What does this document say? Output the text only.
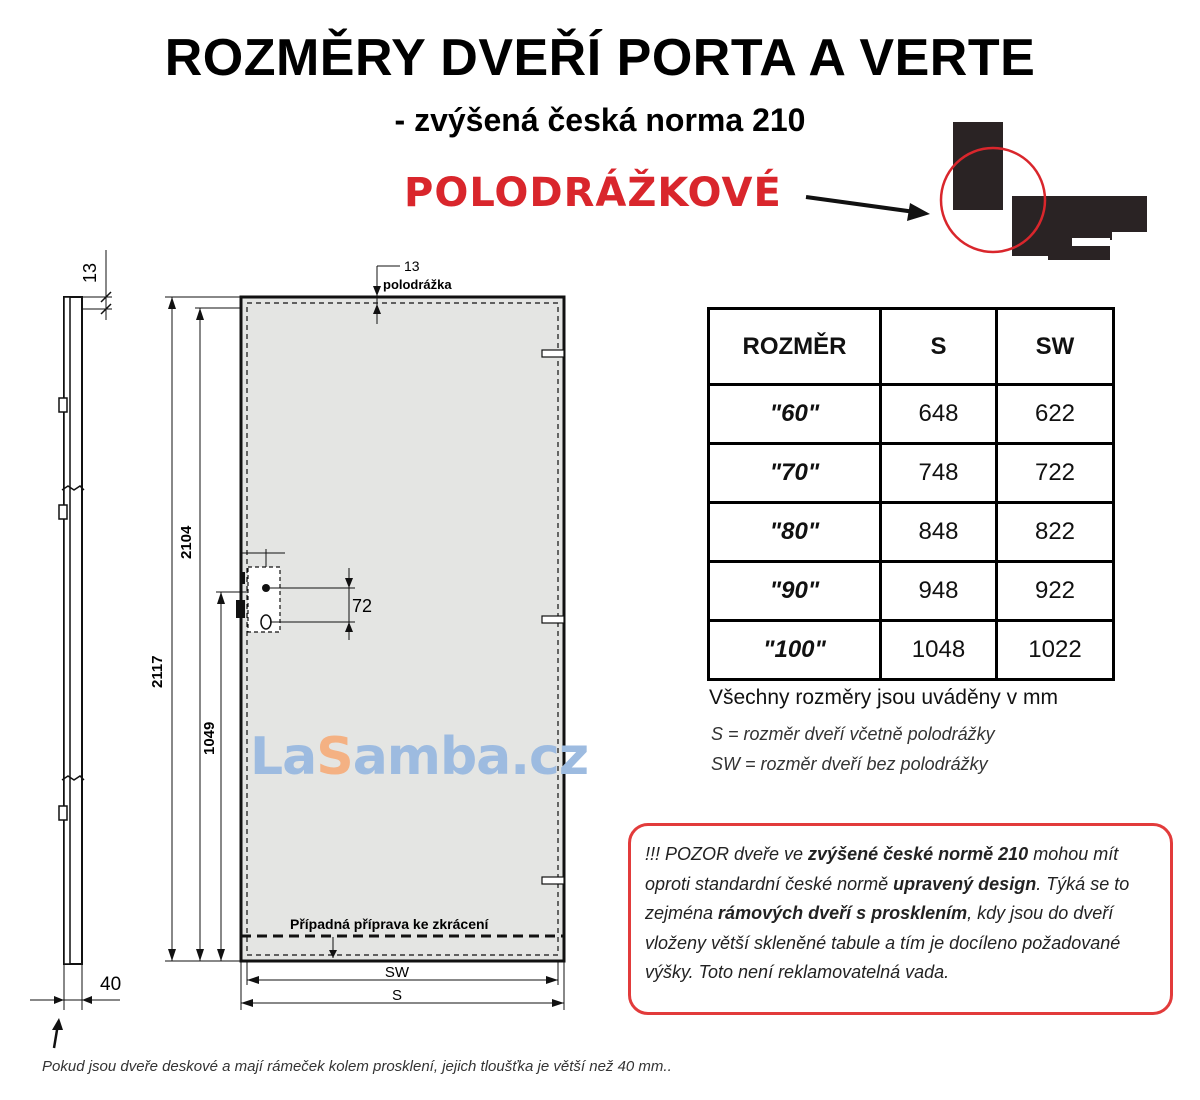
ROZMĚRY DVEŘÍ PORTA A VERTE
- zvýšená česká norma 210
POLODRÁŽKOVÉ
13
40
Případná příprava ke zkrácení
13
polodrážka
2117
2104
1049
72
SW
S
LaSamba.cz
ROZMĚR	S	SW
"60"	648	622
"70"	748	722
"80"	848	822
"90"	948	922
"100"	1048	1022
Všechny rozměry jsou uváděny v mm
S = rozměr dveří včetně polodrážky
SW = rozměr dveří bez polodrážky
!!! POZOR dveře ve zvýšené české normě 210 mohou mít oproti standardní české normě upravený design. Týká se to zejména rámových dveří s prosklením, kdy jsou do dveří vloženy větší skleněné tabule a tím je docíleno požadované výšky. Toto není reklamovatelná vada.
Pokud jsou dveře deskové a mají rámeček kolem prosklení, jejich tloušťka je větší než 40 mm..
